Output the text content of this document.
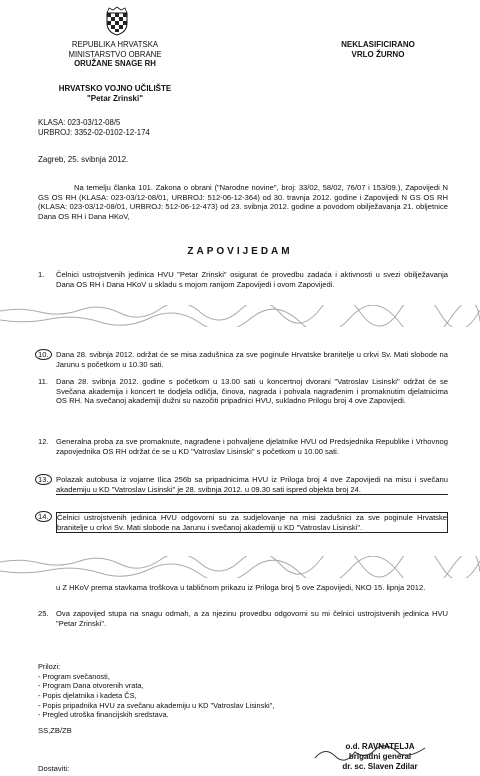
REPUBLIKA HRVATSKA
MINISTARSTVO OBRANE
ORUŽANE SNAGE RH
NEKLASIFICIRANO
VRLO ŽURNO
HRVATSKO VOJNO UČILIŠTE
"Petar Zrinski"
KLASA: 023-03/12-08/5
URBROJ: 3352-02-0102-12-174
Zagreb, 25. svibnja 2012.
Na temelju članka 101. Zakona o obrani ("Narodne novine", broj: 33/02, 58/02, 76/07 i 153/09.), Zapovijedi N GS OS RH (KLASA: 023-03/12-08/01, URBROJ: 512-06-12-364) od 30. travnja 2012. godine i Zapovijedi N GS OS RH (KLASA: 023-03/12-08/01, URBROJ: 512-06-12-473) od 23. svibnja 2012. godine a povodom obilježavanja 21. obljetnice Dana OS RH i Dana HKoV,
ZAPOVIJEDAM
1.	Čelnici ustrojstvenih jedinica HVU "Petar Zrinski" osigurat će provedbu zadaća i aktivnosti u svezi obilježavanja Dana OS RH i Dana HKoV u skladu s mojom ranijom Zapovijedi i ovom Zapovijedi.
10. Dana 28. svibnja 2012. održat će se misa zadušnica za sve poginule Hrvatske branitelje u crkvi Sv. Mati slobode na Jarunu s početkom u 10.30 sati.
11.	Dana 28. svibnja 2012. godine s početkom u 13.00 sati u koncertnoj dvorani "Vatroslav Lisinski" održat će se Svečana akademija i koncert te dodjela odličja, činova, nagrada i pohvala nagrađenim i promaknutim djelatnicima OS RH. Na svečanoj akademiji dužni su nazočiti pripadnici HVU, sukladno Prilogu broj 4 ove Zapovijedi.
12. Generalna proba za sve promaknute, nagrađene i pohvaljene djelatnike HVU od Predsjednika Republike i Vrhovnog zapovjednika OS RH održat će se u KD "Vatroslav Lisinski" s početkom u 10.00 sati.
13. Polazak autobusa iz vojarne Ilica 256b sa pripadnicima HVU iz Priloga broj 4 ove Zapovijedi na misu i svečanu akademiju u KD "Vatroslav Lisinski" je 28. svibnja 2012. u 09.30 sati ispred objekta broj 24.
14.	Čelnici ustrojstvenih jedinica HVU odgovorni su za sudjelovanje na misi zadušnici za sve poginule Hrvatske branitelje u crkvi Sv. Mati slobode na Jarunu i svečanoj akademiji u KD "Vatroslav Lisinski".
u Z HKoV prema stavkama troškova u tabličnom prikazu iz Priloga broj 5 ove Zapovijedi, NKO 15. lipnja 2012.
25. Ova zapovijed stupa na snagu odmah, a za njezinu provedbu odgovorni su mi čelnici ustrojstvenih jedinica HVU "Petar Zrinski".
Prilozi:
- Program svečanosti,
- Program Dana otvorenih vrata,
- Popis djelatnika i kadeta ČS,
- Popis pripadnika HVU za svečanu akademiju u KD "Vatroslav Lisinski",
- Pregled utroška financijskih sredstava.
SS,ZB/ZB
o.d. RAVNATELJA
brigadni general
dr. sc. Slaven Zdilar
Dostaviti:
